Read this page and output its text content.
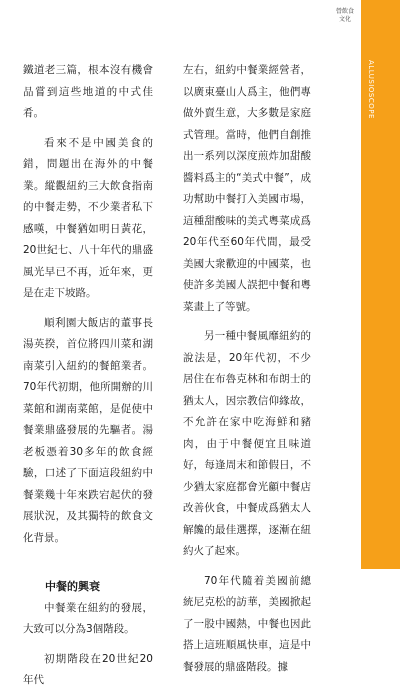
營飲食文化
ALLUSIOSCOPE

鐵道老三篇，根本沒有機會品嘗到這些地道的中式佳肴。

看來不是中國美食的錯，問題出在海外的中餐業。縱觀紐約三大飲食指南的中餐走勢，不少業者私下感嘆，中餐猶如明日黃花，20世紀七、八十年代的鼎盛風光早已不再，近年來，更是在走下坡路。

順利園大飯店的董事長湯英揆，首位將四川菜和湖南菜引入紐約的餐館業者。70年代初期，他所開辦的川菜館和湖南菜館，是促使中餐業鼎盛發展的先驅者。湯老板憑着30多年的飲食經驗，口述了下面這段紐約中餐業幾十年來跌宕起伏的發展狀況，及其獨特的飲食文化背景。

中餐的興衰

中餐業在紐約的發展，大致可以分為3個階段。

初期階段在20世紀20年代

左右，紐約中餐業經營者，以廣東臺山人爲主，他們專做外賣生意，大多數是家庭式管理。當時，他們自創推出一系列以深度煎炸加甜酸醬料爲主的“美式中餐”，成功幫助中餐打入美國市場，這種甜酸味的美式粵菜成爲20年代至60年代間，最受美國大衆歡迎的中國菜，也使許多美國人誤把中餐和粵菜畫上了等號。

另一種中餐風靡紐約的說法是，20年代初，不少居住在布魯克林和布朗士的猶太人，因宗教信仰緣故，不允許在家中吃海鮮和豬肉，由于中餐便宜且味道好，每逢周末和節假日，不少猶太家庭都會光顧中餐店改善伙食，中餐成爲猶太人解饞的最佳選擇，逐漸在紐約火了起來。

70年代隨着美國前總統尼克松的訪華，美國掀起了一股中國熱，中餐也因此搭上這班順風快車，這是中餐發展的鼎盛階段。據
